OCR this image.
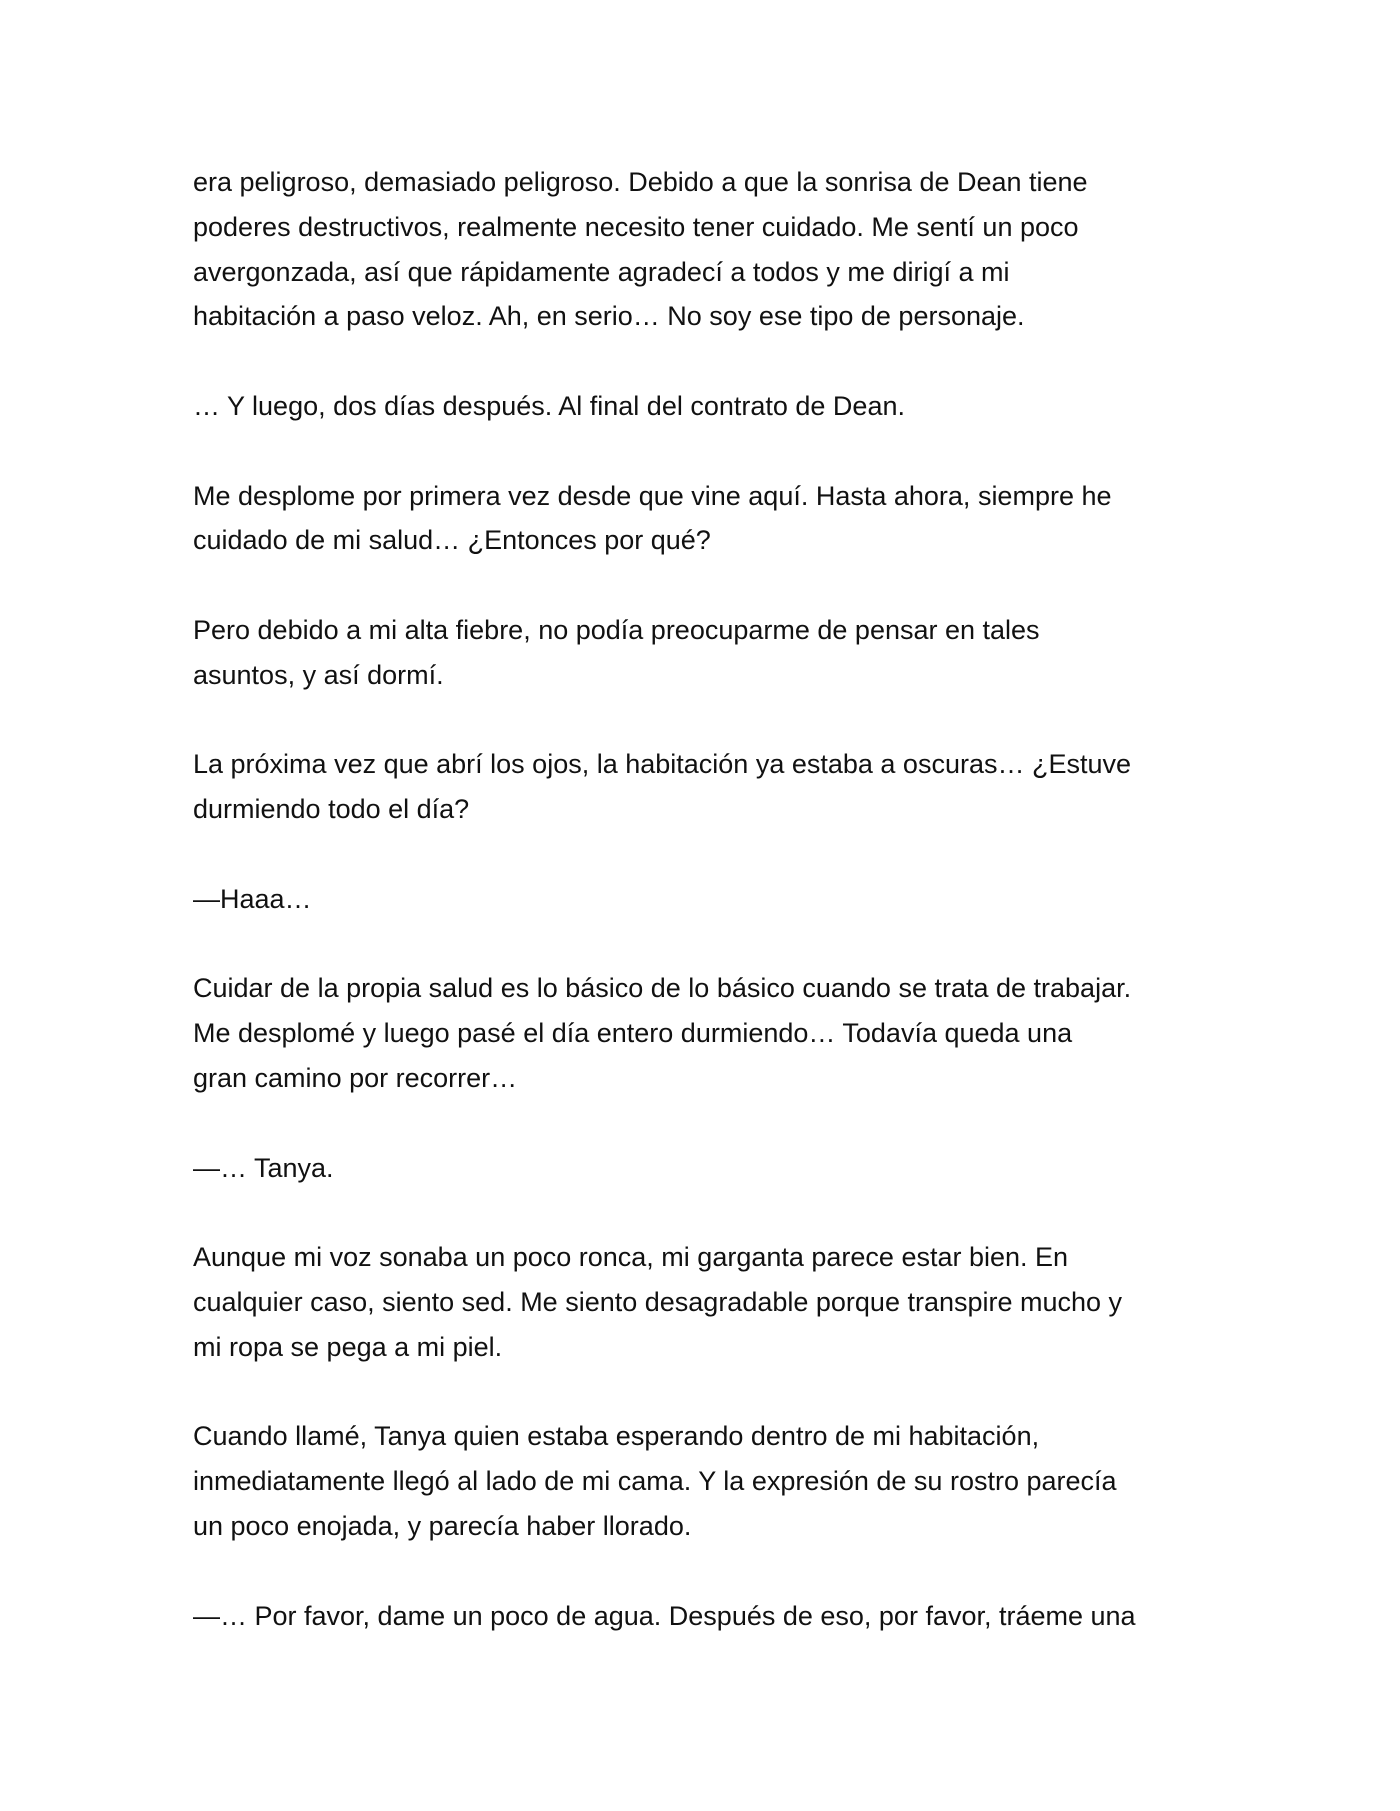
era peligroso, demasiado peligroso. Debido a que la sonrisa de Dean tiene
poderes destructivos, realmente necesito tener cuidado. Me sentí un poco
avergonzada, así que rápidamente agradecí a todos y me dirigí a mi
habitación a paso veloz. Ah, en serio… No soy ese tipo de personaje.

… Y luego, dos días después. Al final del contrato de Dean.

Me desplome por primera vez desde que vine aquí. Hasta ahora, siempre he
cuidado de mi salud… ¿Entonces por qué?

Pero debido a mi alta fiebre, no podía preocuparme de pensar en tales
asuntos, y así dormí.

La próxima vez que abrí los ojos, la habitación ya estaba a oscuras… ¿Estuve
durmiendo todo el día?

—Haaa…

Cuidar de la propia salud es lo básico de lo básico cuando se trata de trabajar.
Me desplomé y luego pasé el día entero durmiendo… Todavía queda una
gran camino por recorrer…

—… Tanya.

Aunque mi voz sonaba un poco ronca, mi garganta parece estar bien. En
cualquier caso, siento sed. Me siento desagradable porque transpire mucho y
mi ropa se pega a mi piel.

Cuando llamé, Tanya quien estaba esperando dentro de mi habitación,
inmediatamente llegó al lado de mi cama. Y la expresión de su rostro parecía
un poco enojada, y parecía haber llorado.

—… Por favor, dame un poco de agua. Después de eso, por favor, tráeme una
